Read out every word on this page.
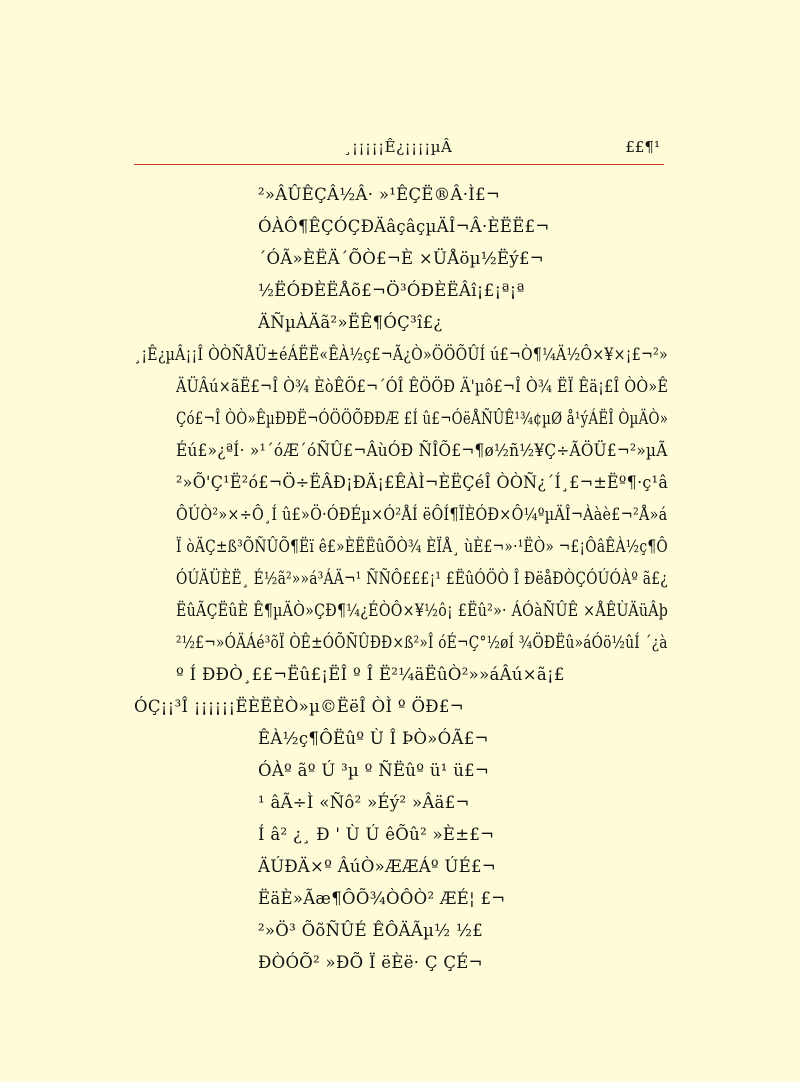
¸¡¡¡¡¡Ê¿¡¡¡¡µÂ	££¶¹
²»ÂÛÊÇÂ½Â· »¹ÊÇË®Â·Ì£¬
ÓÀÔ¶ÊÇÓÇÐÄâçâçµÄÎ¬Â·ÈËË£¬
´ÓÃ»ÈËÄ´ÕÒ£¬È ×ÜÅöµ½Ëý£¬
½ËÓÐÈËÅõ£¬Ö³ÓÐÈËÂî¡£¡ª¡ª
ÄÑµÀÄã²»ËÊ¶ÓÇ³î£¿
¸¡Ê¿µÂ¡¡Î ÒÒÑÅÜ±éÁËË«ÊÀ½ç£¬Ã¿Ò»ÖÖÕÛÍ ú£¬Ò¶¼Ä½Ô×¥×¡£¬²»
ÄÜÂú×ãË£¬Î Ò¾ ÈòÊÖ£¬´ÓÎ ÊÖÖÐ Ä'µô£¬Î Ò¾ ËÏ Êä¡£Î ÒÒ»Ê
Çó£¬Î ÒÒ»ÊµÐÐË¬ÓÖÖÕÐÐÆ £Í û£¬ÓëÅÑÛÊ¹¾¢µØ å¹ýÁËÎ ÒµÄÒ»
Éú£»¿ªÍ· »¹´óÆ´óÑÛ£¬ÂùÓÐ ÑÎÕ£¬¶ø½ñ½¥Ç÷ÃÖÜ£¬²»µÃ
²»Õ'Ç¹Ë²ó£¬Ö÷ËÂÐ¡ÐÄ¡£ÊÀÌ¬ÈËÇéÎ ÒÒÑ¿´Í¸£¬±Ëº¶·ç¹â
ÔÚÒ²»×÷Ô¸Í û£»Ö·ÓÐÉµ×Ó²ÅÍ ëÔÍ¶ÏÈÓÐ×Ô¼ºµÄÎ¬Ààè£¬²Å»á
Ï òÄÇ±ß³ÕÑÛÕ¶Ëï ê£»ÈËËûÕÒ¾ ÈÏÅ¸ ùÈ£¬»·¹ËÒ» ¬£¡ÔâÊÀ½ç¶Ô
ÓÚÄÜÈË¸ É½ã²»»á³ÁÄ¬¹ ÑÑÔ£££¡¹ £ËûÓÖÒ Î ÐëåÐÒÇÓÚÓÀº ã£¿
ËûÃÇËûÈ Ê¶µÄÒ»ÇÐ¶¼¿ÉÒÔ×¥½ô¡ £Ëû²»· ÁÓàÑÛÊ ×ÅÊÙÄüÂþ
²½£¬»ÓÄÁé³õÏ ÒÊ±ÓÕÑÛÐÐ×ß²»Î óÉ¬Ç°½øÍ ¾ÖÐËû»áÓö½ûÍ ´¿à
º Í ÐÐÒ¸££¬Ëû£¡ËÎ º Î Ë²¼äËûÒ²»»áÂú×ã¡£
ÓÇ¡¡³Î ¡¡¡¡¡¡ËÈËÈÒ»µ©ËëÎ ÒÌ º ÖÐ£¬
ÊÀ½ç¶ÔËûº Ù Î ÞÒ»ÓÃ£¬
ÓÀº ãº Ú ³µ º ÑËûº ü¹ ü£¬
¹ âÃ÷Ì «Ñô² »Éý² »Âä£¬
Í â² ¿¸ Ð ' Ù Ú êÕû² »È±£¬
ÄÚÐÄ×º ÂúÒ»ÆÆÁº ÚÉ£¬
ËäÈ»Ãæ¶ÔÕ¾ÒÔÒ² ÆÉ¦ £¬
²»Ö³ ÕõÑÛÉ ÊÔÄÃµ½ ½£
ÐÒÓÕ² »ÐÕ Ï ëÈë· Ç ÇÉ¬
